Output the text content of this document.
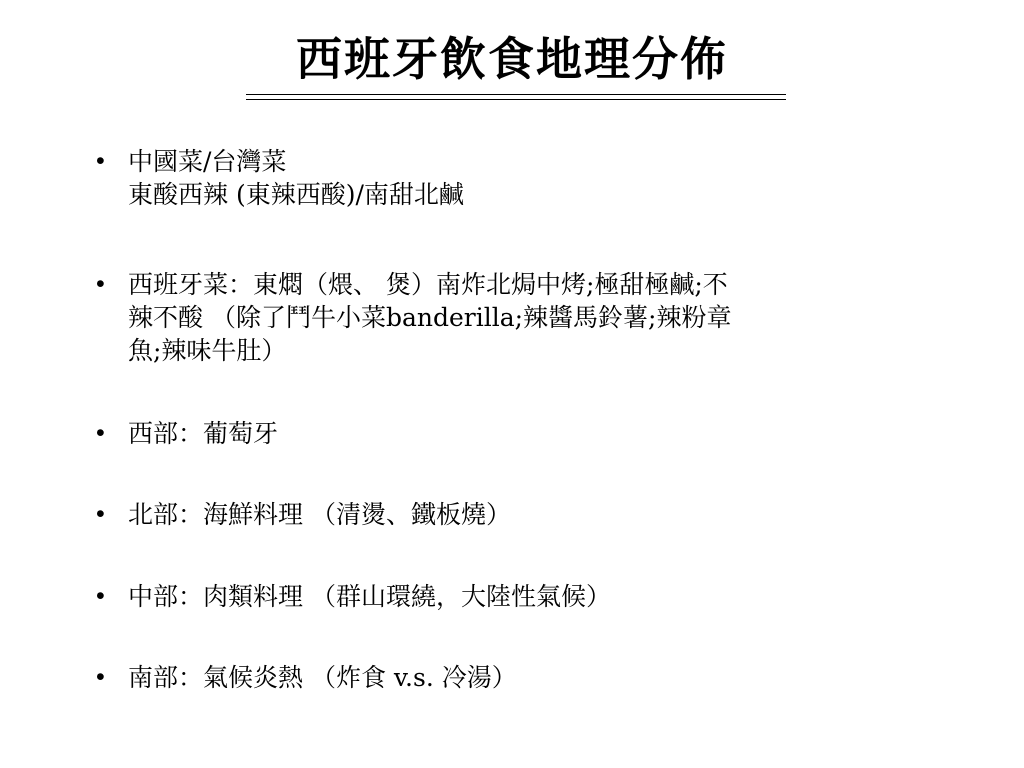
西班牙飲食地理分佈
• 中國菜/台灣菜
東酸西辣 (東辣西酸)/南甜北鹹
• 西班牙菜：東燜（煨、 煲）南炸北焗中烤;極甜極鹹;不
辣不酸 （除了鬥牛小菜banderilla;辣醬馬鈴薯;辣粉章
魚;辣味牛肚）
• 西部：葡萄牙
• 北部：海鮮料理 （清燙、鐵板燒）
• 中部：肉類料理 （群山環繞，大陸性氣候）
• 南部：氣候炎熱 （炸食 v.s. 冷湯）
